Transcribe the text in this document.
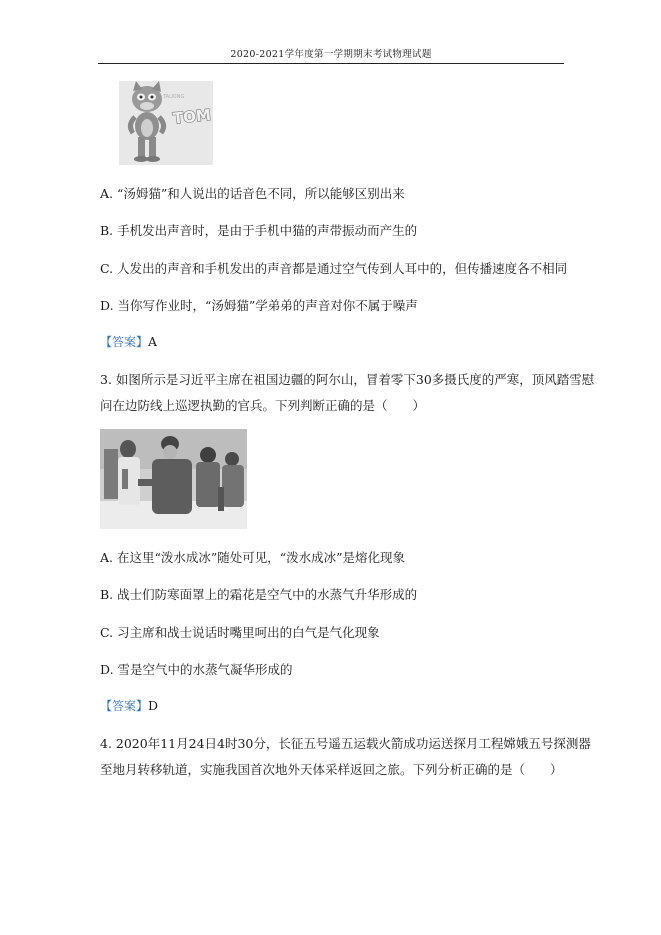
2020-2021学年度第一学期期末考试物理试题
TALKING
TOM
A. “汤姆猫”和人说出的话音色不同，所以能够区别出来
B. 手机发出声音时，是由于手机中猫的声带振动而产生的
C. 人发出的声音和手机发出的声音都是通过空气传到人耳中的，但传播速度各不相同
D. 当你写作业时，“汤姆猫”学弟弟的声音对你不属于噪声
【答案】A
3. 如图所示是习近平主席在祖国边疆的阿尔山，冒着零下30多摄氏度的严寒，顶风踏雪慰
问在边防线上巡逻执勤的官兵。下列判断正确的是（　　）
A. 在这里“泼水成冰”随处可见，“泼水成冰”是熔化现象
B. 战士们防寒面罩上的霜花是空气中的水蒸气升华形成的
C. 习主席和战士说话时嘴里呵出的白气是气化现象
D. 雪是空气中的水蒸气凝华形成的
【答案】D
4. 2020年11月24日4时30分，长征五号遥五运载火箭成功运送探月工程嫦娥五号探测器
至地月转移轨道，实施我国首次地外天体采样返回之旅。下列分析正确的是（　　）
